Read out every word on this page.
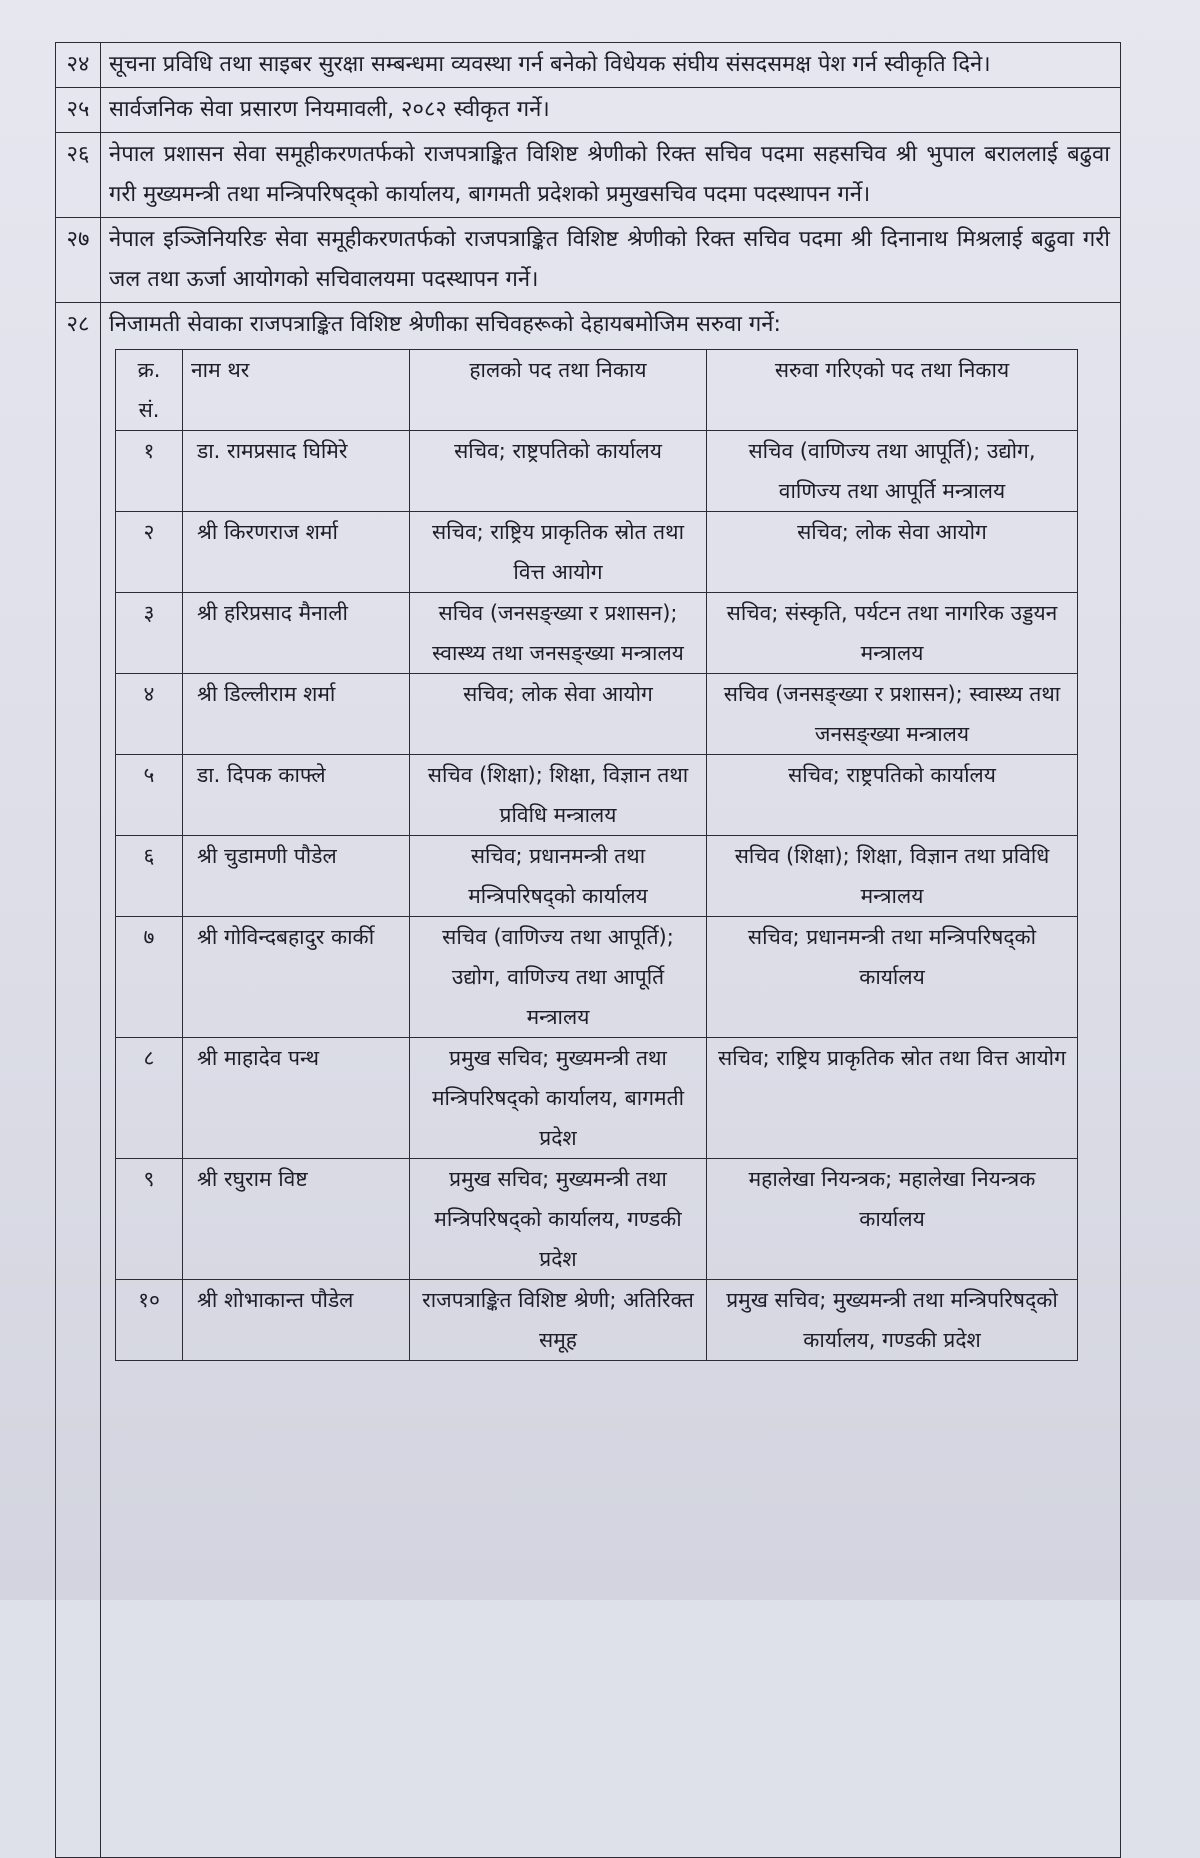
२४	सूचना प्रविधि तथा साइबर सुरक्षा सम्बन्धमा व्यवस्था गर्न बनेको विधेयक संघीय संसदसमक्ष पेश गर्न स्वीकृति दिने।
२५	सार्वजनिक सेवा प्रसारण नियमावली, २०८२ स्वीकृत गर्ने।
२६	नेपाल प्रशासन सेवा समूहीकरणतर्फको राजपत्राङ्कित विशिष्ट श्रेणीको रिक्त सचिव पदमा सहसचिव श्री भुपाल बराललाई बढुवा गरी मुख्यमन्त्री तथा मन्त्रिपरिषद्को कार्यालय, बागमती प्रदेशको प्रमुखसचिव पदमा पदस्थापन गर्ने।
२७	नेपाल इञ्जिनियरिङ सेवा समूहीकरणतर्फको राजपत्राङ्कित विशिष्ट श्रेणीको रिक्त सचिव पदमा श्री दिनानाथ मिश्रलाई बढुवा गरी जल तथा ऊर्जा आयोगको सचिवालयमा पदस्थापन गर्ने।
२८	निजामती सेवाका राजपत्राङ्कित विशिष्ट श्रेणीका सचिवहरूको देहायबमोजिम सरुवा गर्ने:
क्र. सं.	नाम थर	हालको पद तथा निकाय	सरुवा गरिएको पद तथा निकाय
१	डा. रामप्रसाद घिमिरे	सचिव; राष्ट्रपतिको कार्यालय	सचिव (वाणिज्य तथा आपूर्ति); उद्योग, वाणिज्य तथा आपूर्ति मन्त्रालय
२	श्री किरणराज शर्मा	सचिव; राष्ट्रिय प्राकृतिक स्रोत तथा वित्त आयोग	सचिव; लोक सेवा आयोग
३	श्री हरिप्रसाद मैनाली	सचिव (जनसङ्ख्या र प्रशासन); स्वास्थ्य तथा जनसङ्ख्या मन्त्रालय	सचिव; संस्कृति, पर्यटन तथा नागरिक उड्डयन मन्त्रालय
४	श्री डिल्लीराम शर्मा	सचिव; लोक सेवा आयोग	सचिव (जनसङ्ख्या र प्रशासन); स्वास्थ्य तथा जनसङ्ख्या मन्त्रालय
५	डा. दिपक काफ्ले	सचिव (शिक्षा); शिक्षा, विज्ञान तथा प्रविधि मन्त्रालय	सचिव; राष्ट्रपतिको कार्यालय
६	श्री चुडामणी पौडेल	सचिव; प्रधानमन्त्री तथा मन्त्रिपरिषद्को कार्यालय	सचिव (शिक्षा); शिक्षा, विज्ञान तथा प्रविधि मन्त्रालय
७	श्री गोविन्दबहादुर कार्की	सचिव (वाणिज्य तथा आपूर्ति); उद्योग, वाणिज्य तथा आपूर्ति मन्त्रालय	सचिव; प्रधानमन्त्री तथा मन्त्रिपरिषद्को कार्यालय
८	श्री माहादेव पन्थ	प्रमुख सचिव; मुख्यमन्त्री तथा मन्त्रिपरिषद्को कार्यालय, बागमती प्रदेश	सचिव; राष्ट्रिय प्राकृतिक स्रोत तथा वित्त आयोग
९	श्री रघुराम विष्ट	प्रमुख सचिव; मुख्यमन्त्री तथा मन्त्रिपरिषद्को कार्यालय, गण्डकी प्रदेश	महालेखा नियन्त्रक; महालेखा नियन्त्रक कार्यालय
१०	श्री शोभाकान्त पौडेल	राजपत्राङ्कित विशिष्ट श्रेणी; अतिरिक्त समूह	प्रमुख सचिव; मुख्यमन्त्री तथा मन्त्रिपरिषद्को कार्यालय, गण्डकी प्रदेश
